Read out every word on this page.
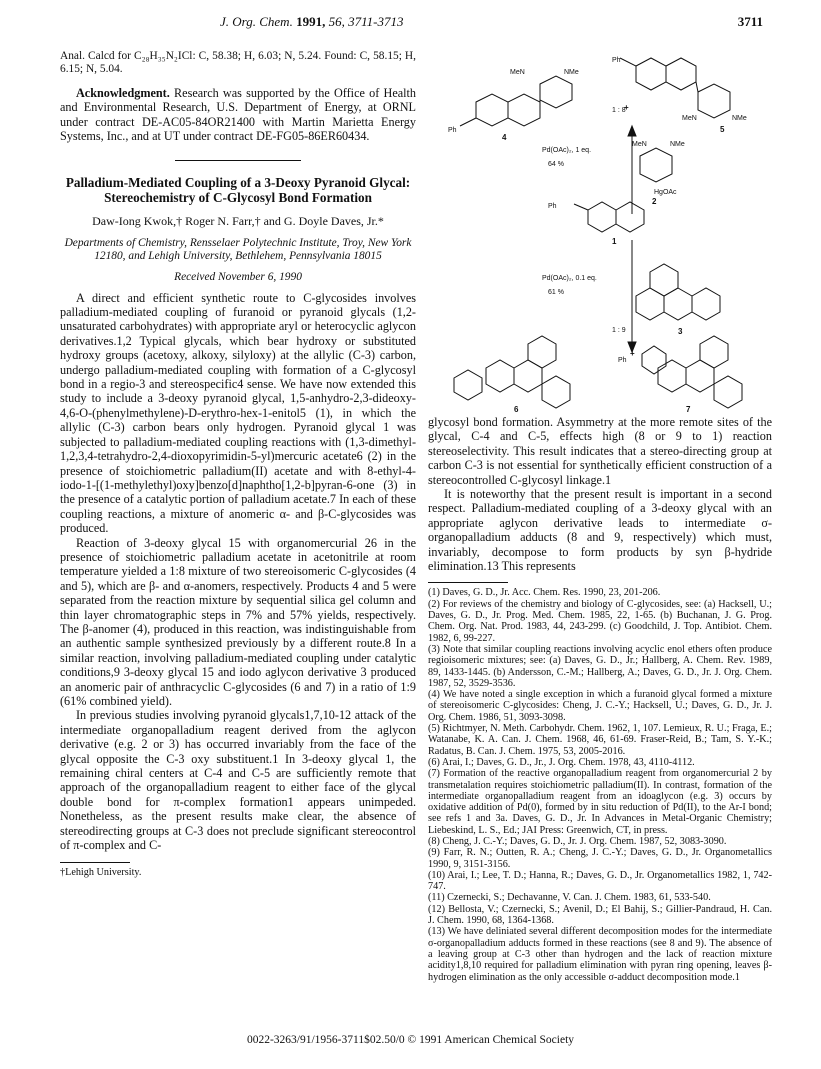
J. Org. Chem. 1991, 56, 3711-3713	3711

Anal. Calcd for C₂₈H₃₅N₂ICl: C, 58.38; H, 6.03; N, 5.24. Found: C, 58.15; H, 6.15; N, 5.04.

Acknowledgment. Research was supported by the Office of Health and Environmental Research, U.S. Department of Energy, at ORNL under contract DE-AC05-84OR21400 with Martin Marietta Energy Systems, Inc., and at UT under contract DE-FG05-86ER60434.

Palladium-Mediated Coupling of a 3-Deoxy Pyranoid Glycal: Stereochemistry of C-Glycosyl Bond Formation
Daw-Iong Kwok,† Roger N. Farr,† and G. Doyle Daves, Jr.*
Departments of Chemistry, Rensselaer Polytechnic Institute, Troy, New York 12180, and Lehigh University, Bethlehem, Pennsylvania 18015
Received November 6, 1990

A direct and efficient synthetic route to C-glycosides involves palladium-mediated coupling of furanoid or pyranoid glycals (1,2-unsaturated carbohydrates) with appropriate aryl or heterocyclic aglycon derivatives.1,2 Typical glycals, which bear hydroxy or substituted hydroxy groups (acetoxy, alkoxy, silyloxy) at the allylic (C-3) carbon, undergo palladium-mediated coupling with formation of a C-glycosyl bond in a regio-3 and stereospecific4 sense. We have now extended this study to include a 3-deoxy pyranoid glycal, 1,5-anhydro-2,3-dideoxy-4,6-O-(phenylmethylene)-D-erythro-hex-1-enitol5 (1), in which the allylic (C-3) carbon bears only hydrogen. Pyranoid glycal 1 was subjected to palladium-mediated coupling reactions with (1,3-dimethyl-1,2,3,4-tetrahydro-2,4-dioxopyrimidin-5-yl)mercuric acetate6 (2) in the presence of stoichiometric palladium(II) acetate and with 8-ethyl-4-iodo-1-[(1-methylethyl)oxy]benzo[d]naphtho[1,2-b]pyran-6-one (3) in the presence of a catalytic portion of palladium acetate.7 In each of these coupling reactions, a mixture of anomeric α- and β-C-glycosides was produced.

Reaction of 3-deoxy glycal 15 with organomercurial 26 in the presence of stoichiometric palladium acetate in acetonitrile at room temperature yielded a 1:8 mixture of two stereoisomeric C-glycosides (4 and 5), which are β- and α-anomers, respectively. Products 4 and 5 were separated from the reaction mixture by sequential silica gel column and thin layer chromatographic steps in 7% and 57% yields, respectively. The β-anomer (4), produced in this reaction, was indistinguishable from an authentic sample synthesized previously by a different route.8 In a similar reaction, involving palladium-mediated coupling under catalytic conditions,9 3-deoxy glycal 15 and iodo aglycon derivative 3 produced an anomeric pair of anthracyclic C-glycosides (6 and 7) in a ratio of 1:9 (61% combined yield).

In previous studies involving pyranoid glycals1,7,10-12 attack of the intermediate organopalladium reagent derived from the aglycon derivative (e.g. 2 or 3) has occurred invariably from the face of the glycal opposite the C-3 oxy substituent.1 In 3-deoxy glycal 1, the remaining chiral centers at C-4 and C-5 are sufficiently remote that approach of the organopalladium reagent to either face of the glycal double bond for π-complex formation1 appears unimpeded. Nonetheless, as the present results make clear, the absence of stereodirecting groups at C-3 does not preclude significant stereocontrol of π-complex and C-

†Lehigh University.
Ph
Ph
Ph
Ph
MeN	NMe
MeN	NMe
MeN	NMe
HgOAc
1 : 8
1 : 9
Pd(OAc)₂, 1 eq.
64 %
Pd(OAc)₂, 0.1 eq.
61 %
+
+
4
5
2
1
3
6	7

glycosyl bond formation. Asymmetry at the more remote sites of the glycal, C-4 and C-5, effects high (8 or 9 to 1) reaction stereoselectivity. This result indicates that a stereo-directing group at carbon C-3 is not essential for synthetically efficient construction of a stereocontrolled C-glycosyl linkage.1

It is noteworthy that the present result is important in a second respect. Palladium-mediated coupling of a 3-deoxy glycal with an appropriate aglycon derivative leads to intermediate σ-organopalladium adducts (8 and 9, respectively) which must, invariably, decompose to form products by syn β-hydride elimination.13 This represents

(1) Daves, G. D., Jr. Acc. Chem. Res. 1990, 23, 201-206.
(2) For reviews of the chemistry and biology of C-glycosides, see: (a) Hacksell, U.; Daves, G. D., Jr. Prog. Med. Chem. 1985, 22, 1-65. (b) Buchanan, J. G. Prog. Chem. Org. Nat. Prod. 1983, 44, 243-299. (c) Goodchild, J. Top. Antibiot. Chem. 1982, 6, 99-227.
(3) Note that similar coupling reactions involving acyclic enol ethers often produce regioisomeric mixtures; see: (a) Daves, G. D., Jr.; Hallberg, A. Chem. Rev. 1989, 89, 1433-1445. (b) Andersson, C.-M.; Hallberg, A.; Daves, G. D., Jr. J. Org. Chem. 1987, 52, 3529-3536.
(4) We have noted a single exception in which a furanoid glycal formed a mixture of stereoisomeric C-glycosides: Cheng, J. C.-Y.; Hacksell, U.; Daves, G. D., Jr. J. Org. Chem. 1986, 51, 3093-3098.
(5) Richtmyer, N. Meth. Carbohydr. Chem. 1962, 1, 107. Lemieux, R. U.; Fraga, E.; Watanabe, K. A. Can. J. Chem. 1968, 46, 61-69. Fraser-Reid, B.; Tam, S. Y.-K.; Radatus, B. Can. J. Chem. 1975, 53, 2005-2016.
(6) Arai, I.; Daves, G. D., Jr., J. Org. Chem. 1978, 43, 4110-4112.
(7) Formation of the reactive organopalladium reagent from organomercurial 2 by transmetalation requires stoichiometric palladium(II). In contrast, formation of the intermediate organopalladium reagent from an idoaglycon (e.g. 3) occurs by oxidative addition of Pd(0), formed by in situ reduction of Pd(II), to the Ar-I bond; see refs 1 and 3a. Daves, G. D., Jr. In Advances in Metal-Organic Chemistry; Liebeskind, L. S., Ed.; JAI Press: Greenwich, CT, in press.
(8) Cheng, J. C.-Y.; Daves, G. D., Jr. J. Org. Chem. 1987, 52, 3083-3090.
(9) Farr, R. N.; Outten, R. A.; Cheng, J. C.-Y.; Daves, G. D., Jr. Organometallics 1990, 9, 3151-3156.
(10) Arai, I.; Lee, T. D.; Hanna, R.; Daves, G. D., Jr. Organometallics 1982, 1, 742-747.
(11) Czernecki, S.; Dechavanne, V. Can. J. Chem. 1983, 61, 533-540.
(12) Bellosta, V.; Czernecki, S.; Avenil, D.; El Bahij, S.; Gillier-Pandraud, H. Can. J. Chem. 1990, 68, 1364-1368.
(13) We have deliniated several different decomposition modes for the intermediate σ-organopalladium adducts formed in these reactions (see 8 and 9). The absence of a leaving group at C-3 other than hydrogen and the lack of reaction mixture acidity1,8,10 required for palladium elimination with pyran ring opening, leaves β-hydrogen elimination as the only accessible σ-adduct decomposition mode.1
0022-3263/91/1956-3711$02.50/0 © 1991 American Chemical Society
